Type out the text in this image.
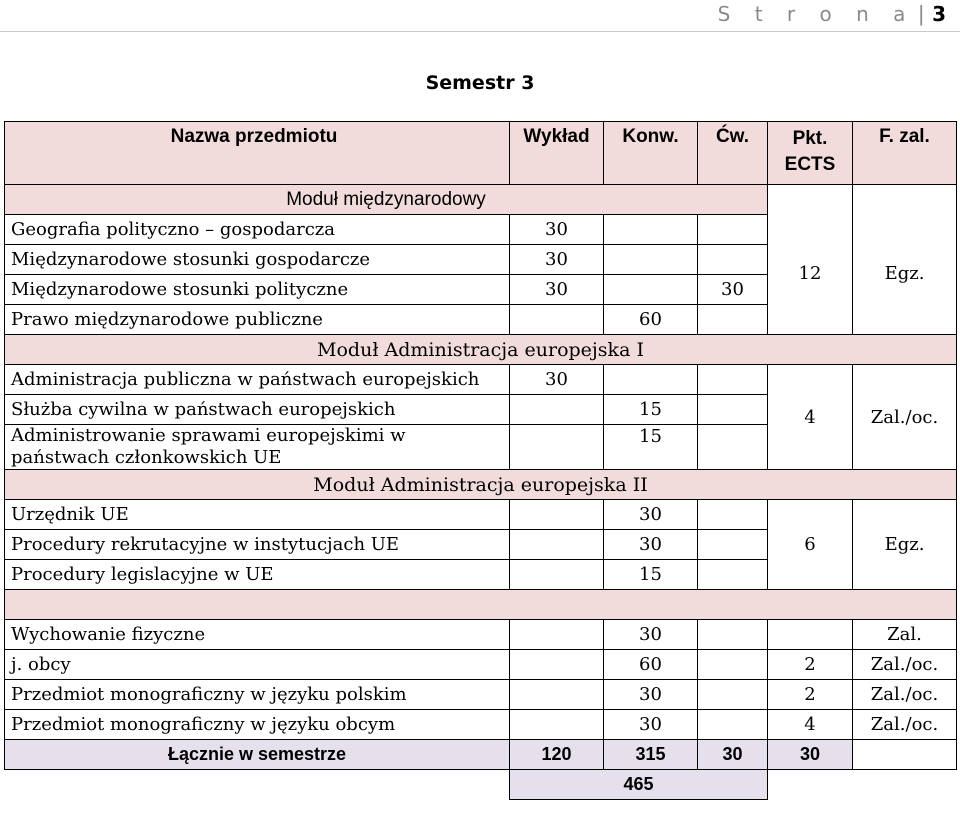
S t r o n a | 3
Semestr 3
Nazwa przedmiotu	Wykład	Konw.	Ćw.	Pkt. ECTS	F. zal.
Moduł międzynarodowy				12	Egz.
Geografia polityczno – gospodarcza	30				
Międzynarodowe stosunki gospodarcze	30				
Międzynarodowe stosunki polityczne	30		30		
Prawo międzynarodowe publiczne		60			
Moduł Administracja europejska I					
Administracja publiczna w państwach europejskich	30			4	Zal./oc.
Służba cywilna w państwach europejskich		15			
Administrowanie sprawami europejskimi w państwach członkowskich UE		15			
Moduł Administracja europejska II					
Urzędnik UE		30		6	Egz.
Procedury rekrutacyjne w instytucjach UE		30			
Procedury legislacyjne w UE		15			

Wychowanie fizyczne		30			Zal.
j. obcy		60		2	Zal./oc.
Przedmiot monograficzny w języku polskim		30		2	Zal./oc.
Przedmiot monograficzny w języku obcym		30		4	Zal./oc.
Łącznie w semestrze	120	315	30	30	
	465				
